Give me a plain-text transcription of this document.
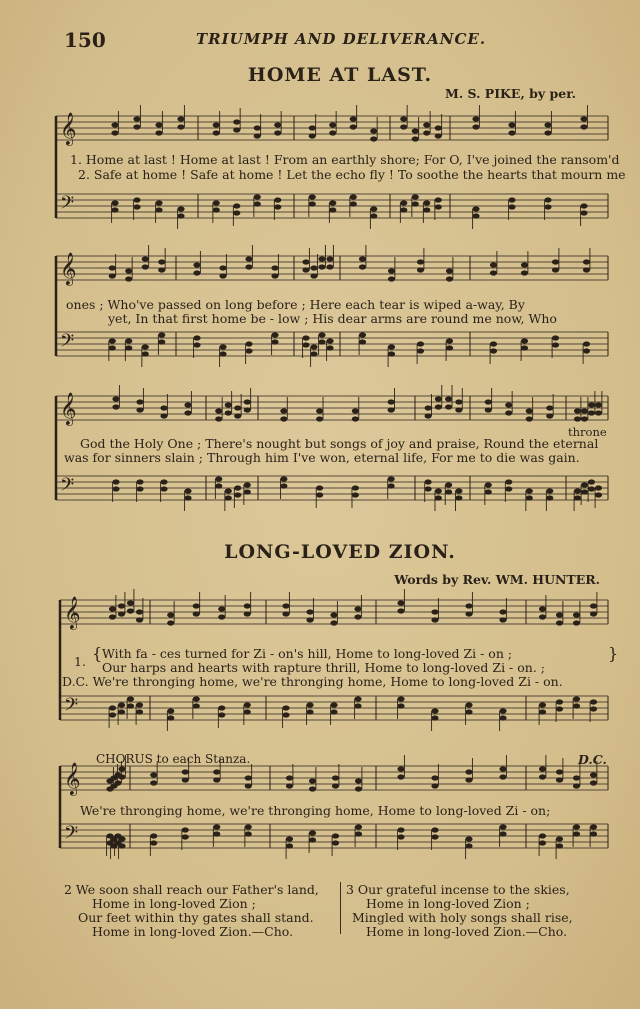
150	TRIUMPH AND DELIVERANCE.
HOME AT LAST.
M. S. PIKE, by per.
𝄞
𝄢
𝄞
𝄢
𝄞
𝄢
𝄞
𝄢
𝄞
𝄢
1. Home at last ! Home at last ! From an earthly shore; For O, I've joined the ransom'd
2. Safe at home ! Safe at home ! Let the echo fly ! To soothe the hearts that mourn me
ones ; Who've passed on long before ; Here each tear is wiped a-way, By
yet, In that first home be - low ; His dear arms are round me now, Who
throne
God the Holy One ; There's nought but songs of joy and praise, Round the eternal
was for sinners slain ; Through him I've won, eternal life, For me to die was gain.
LONG-LOVED ZION.
Words by Rev. WM. HUNTER.
1. { With fa - ces turned for Zi - on's hill, Home to long-loved Zi - on ;
Our harps and hearts with rapture thrill, Home to long-loved Zi - on. ;
}
D.C. We're thronging home, we're thronging home, Home to long-loved Zi - on.
CHORUS to each Stanza.	D.C.
We're thronging home, we're thronging home, Home to long-loved Zi - on;
2 We soon shall reach our Father's land,
Home in long-loved Zion ;
Our feet within thy gates shall stand.
Home in long-loved Zion.—Cho.
3 Our grateful incense to the skies,
Home in long-loved Zion ;
Mingled with holy songs shall rise,
Home in long-loved Zion.—Cho.
